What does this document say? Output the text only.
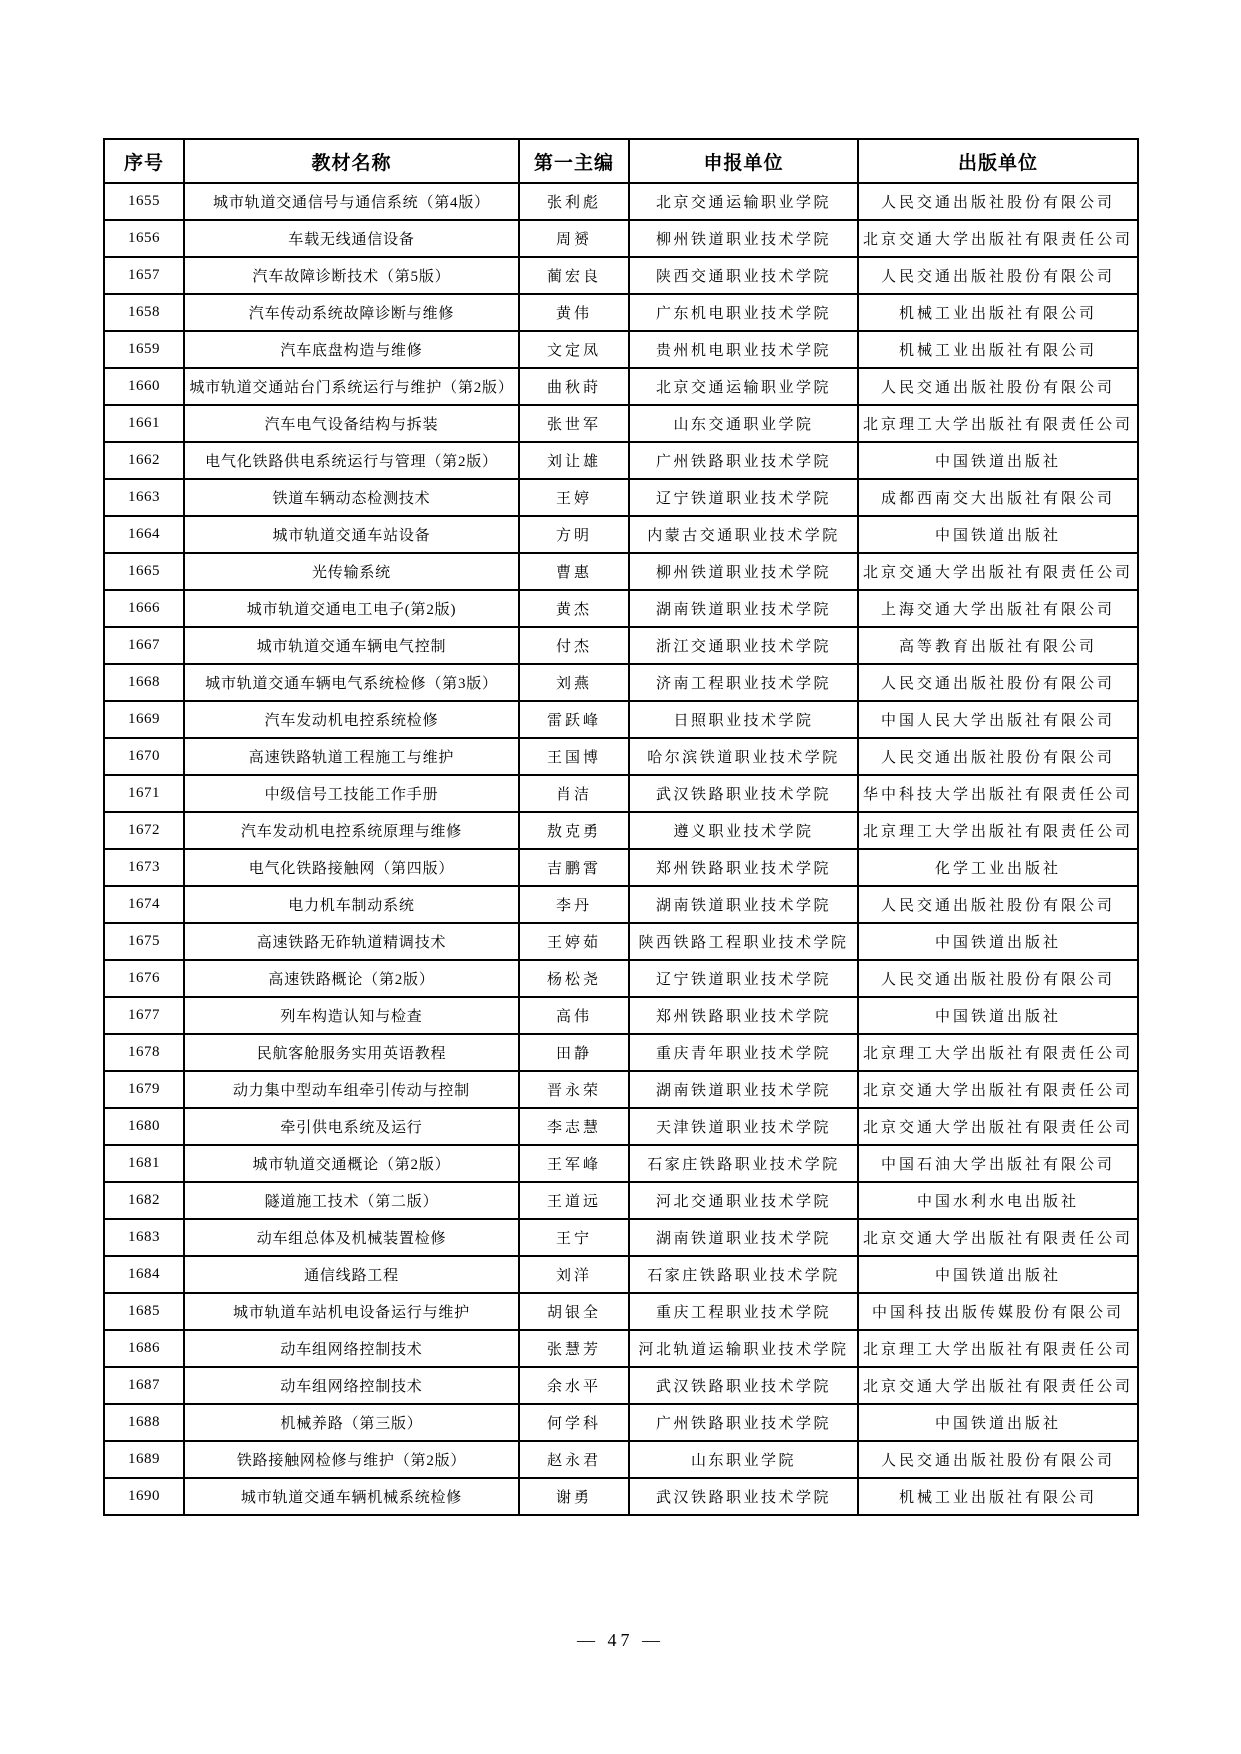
序号	教材名称	第一主编	申报单位	出版单位
1655	城市轨道交通信号与通信系统（第4版）	张利彪	北京交通运输职业学院	人民交通出版社股份有限公司
1656	车载无线通信设备	周赟	柳州铁道职业技术学院	北京交通大学出版社有限责任公司
1657	汽车故障诊断技术（第5版）	蔺宏良	陕西交通职业技术学院	人民交通出版社股份有限公司
1658	汽车传动系统故障诊断与维修	黄伟	广东机电职业技术学院	机械工业出版社有限公司
1659	汽车底盘构造与维修	文定凤	贵州机电职业技术学院	机械工业出版社有限公司
1660	城市轨道交通站台门系统运行与维护（第2版）	曲秋莳	北京交通运输职业学院	人民交通出版社股份有限公司
1661	汽车电气设备结构与拆装	张世军	山东交通职业学院	北京理工大学出版社有限责任公司
1662	电气化铁路供电系统运行与管理（第2版）	刘让雄	广州铁路职业技术学院	中国铁道出版社
1663	铁道车辆动态检测技术	王婷	辽宁铁道职业技术学院	成都西南交大出版社有限公司
1664	城市轨道交通车站设备	方明	内蒙古交通职业技术学院	中国铁道出版社
1665	光传输系统	曹惠	柳州铁道职业技术学院	北京交通大学出版社有限责任公司
1666	城市轨道交通电工电子(第2版)	黄杰	湖南铁道职业技术学院	上海交通大学出版社有限公司
1667	城市轨道交通车辆电气控制	付杰	浙江交通职业技术学院	高等教育出版社有限公司
1668	城市轨道交通车辆电气系统检修（第3版）	刘燕	济南工程职业技术学院	人民交通出版社股份有限公司
1669	汽车发动机电控系统检修	雷跃峰	日照职业技术学院	中国人民大学出版社有限公司
1670	高速铁路轨道工程施工与维护	王国博	哈尔滨铁道职业技术学院	人民交通出版社股份有限公司
1671	中级信号工技能工作手册	肖洁	武汉铁路职业技术学院	华中科技大学出版社有限责任公司
1672	汽车发动机电控系统原理与维修	敖克勇	遵义职业技术学院	北京理工大学出版社有限责任公司
1673	电气化铁路接触网（第四版）	吉鹏霄	郑州铁路职业技术学院	化学工业出版社
1674	电力机车制动系统	李丹	湖南铁道职业技术学院	人民交通出版社股份有限公司
1675	高速铁路无砟轨道精调技术	王婷茹	陕西铁路工程职业技术学院	中国铁道出版社
1676	高速铁路概论（第2版）	杨松尧	辽宁铁道职业技术学院	人民交通出版社股份有限公司
1677	列车构造认知与检查	高伟	郑州铁路职业技术学院	中国铁道出版社
1678	民航客舱服务实用英语教程	田静	重庆青年职业技术学院	北京理工大学出版社有限责任公司
1679	动力集中型动车组牵引传动与控制	晋永荣	湖南铁道职业技术学院	北京交通大学出版社有限责任公司
1680	牵引供电系统及运行	李志慧	天津铁道职业技术学院	北京交通大学出版社有限责任公司
1681	城市轨道交通概论（第2版）	王军峰	石家庄铁路职业技术学院	中国石油大学出版社有限公司
1682	隧道施工技术（第二版）	王道远	河北交通职业技术学院	中国水利水电出版社
1683	动车组总体及机械装置检修	王宁	湖南铁道职业技术学院	北京交通大学出版社有限责任公司
1684	通信线路工程	刘洋	石家庄铁路职业技术学院	中国铁道出版社
1685	城市轨道车站机电设备运行与维护	胡银全	重庆工程职业技术学院	中国科技出版传媒股份有限公司
1686	动车组网络控制技术	张慧芳	河北轨道运输职业技术学院	北京理工大学出版社有限责任公司
1687	动车组网络控制技术	余水平	武汉铁路职业技术学院	北京交通大学出版社有限责任公司
1688	机械养路（第三版）	何学科	广州铁路职业技术学院	中国铁道出版社
1689	铁路接触网检修与维护（第2版）	赵永君	山东职业学院	人民交通出版社股份有限公司
1690	城市轨道交通车辆机械系统检修	谢勇	武汉铁路职业技术学院	机械工业出版社有限公司
— 47 —
